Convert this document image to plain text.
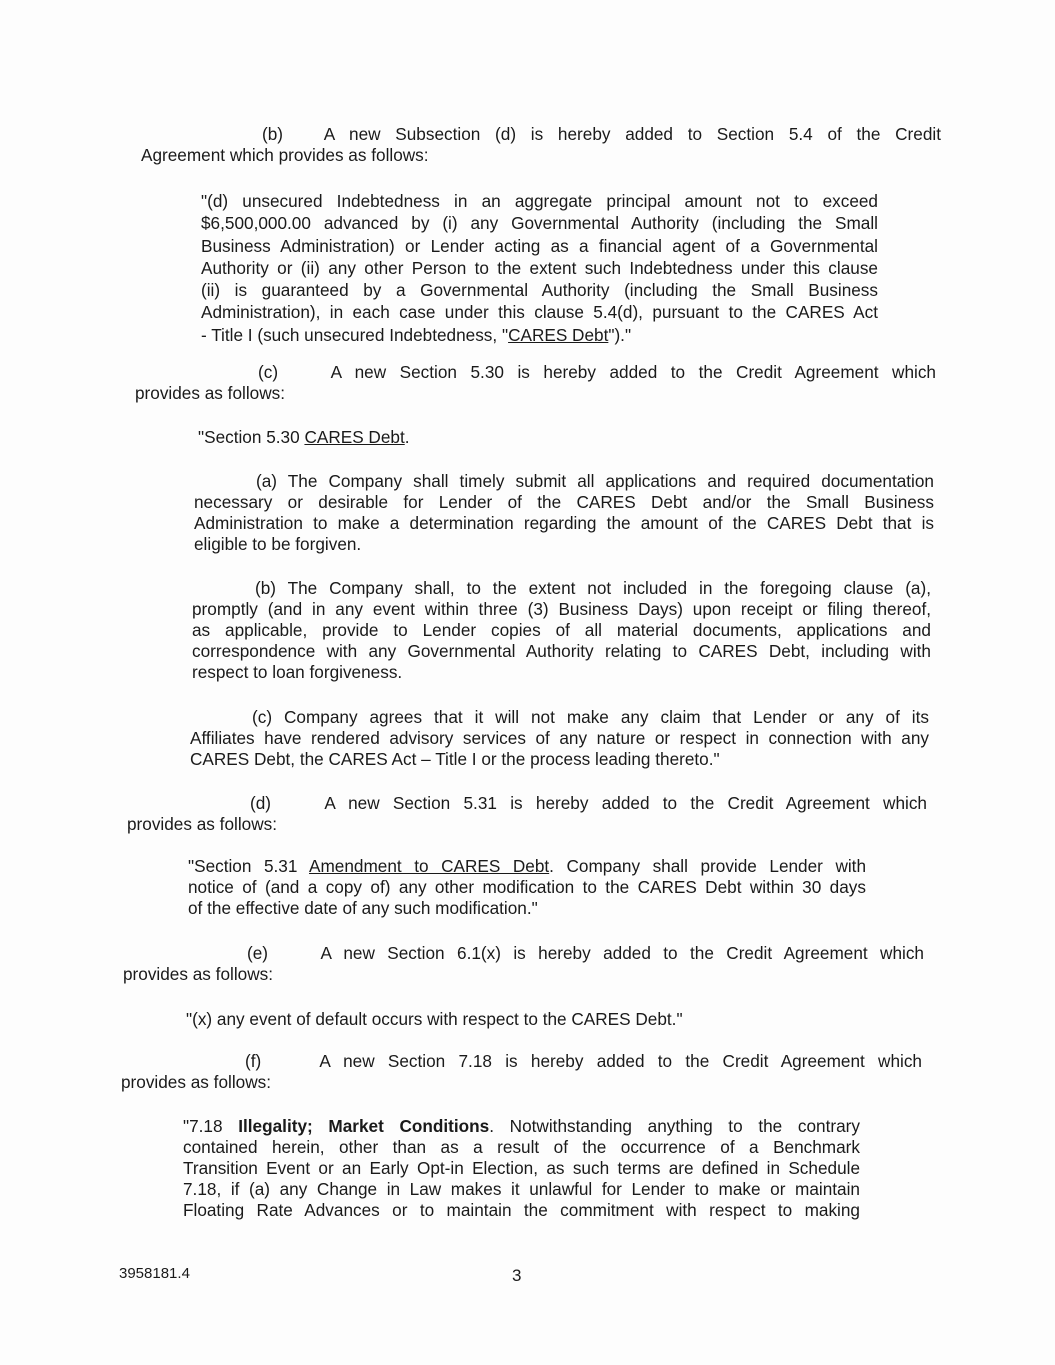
(b) A new Subsection (d) is hereby added to Section 5.4 of the Credit
Agreement which provides as follows:
"(d) unsecured Indebtedness in an aggregate principal amount not to exceed
$6,500,000.00 advanced by (i) any Governmental Authority (including the Small
Business Administration) or Lender acting as a financial agent of a Governmental
Authority or (ii) any other Person to the extent such Indebtedness under this clause
(ii) is guaranteed by a Governmental Authority (including the Small Business
Administration), in each case under this clause 5.4(d), pursuant to the CARES Act
- Title I (such unsecured Indebtedness, "CARES Debt")."
(c)	A new Section 5.30 is hereby added to the Credit Agreement which
provides as follows:
"Section 5.30 CARES Debt.
(a) The Company shall timely submit all applications and required documentation
necessary or desirable for Lender of the CARES Debt and/or the Small Business
Administration to make a determination regarding the amount of the CARES Debt that is
eligible to be forgiven.
(b) The Company shall, to the extent not included in the foregoing clause (a),
promptly (and in any event within three (3) Business Days) upon receipt or filing thereof,
as applicable, provide to Lender copies of all material documents, applications and
correspondence with any Governmental Authority relating to CARES Debt, including with
respect to loan forgiveness.
(c) Company agrees that it will not make any claim that Lender or any of its
Affiliates have rendered advisory services of any nature or respect in connection with any
CARES Debt, the CARES Act – Title I or the process leading thereto."
(d)	A new Section 5.31 is hereby added to the Credit Agreement which
provides as follows:
"Section 5.31 Amendment to CARES Debt. Company shall provide Lender with
notice of (and a copy of) any other modification to the CARES Debt within 30 days
of the effective date of any such modification."
(e)	A new Section 6.1(x) is hereby added to the Credit Agreement which
provides as follows:
"(x) any event of default occurs with respect to the CARES Debt."
(f)	A new Section 7.18 is hereby added to the Credit Agreement which
provides as follows:
"7.18 Illegality; Market Conditions. Notwithstanding anything to the contrary
contained herein, other than as a result of the occurrence of a Benchmark
Transition Event or an Early Opt-in Election, as such terms are defined in Schedule
7.18, if (a) any Change in Law makes it unlawful for Lender to make or maintain
Floating Rate Advances or to maintain the commitment with respect to making
3958181.4	3
